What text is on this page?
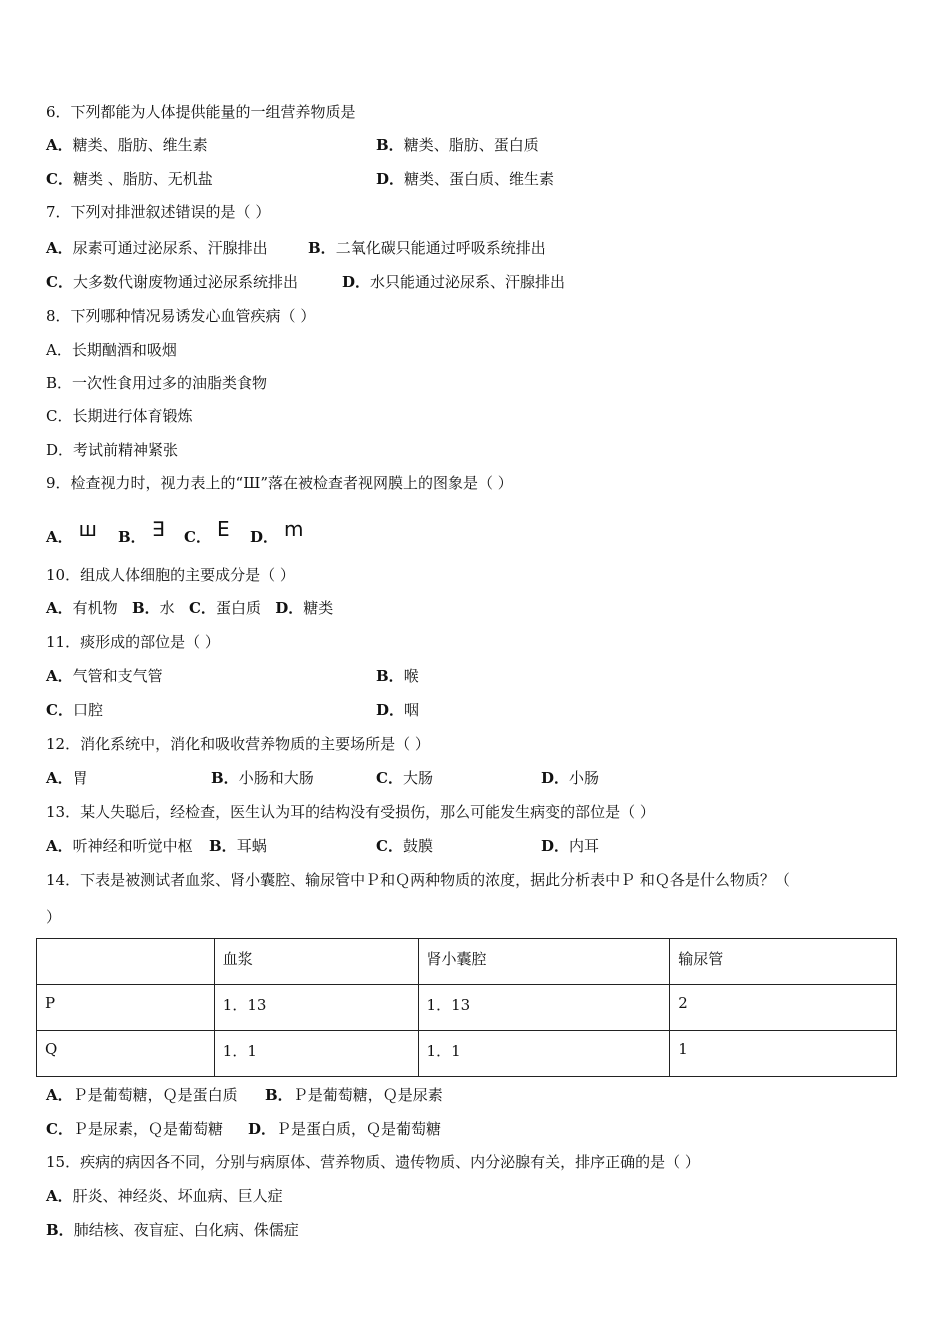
6．下列都能为人体提供能量的一组营养物质是
A．糖类、脂肪、维生素	B．糖类、脂肪、蛋白质
C．糖类 、脂肪、无机盐	D．糖类、蛋白质、维生素
7．下列对排泄叙述错误的是（ ）
A．尿素可通过泌尿系、汗腺排出	B．二氧化碳只能通过呼吸系统排出
C．大多数代谢废物通过泌尿系统排出	D．水只能通过泌尿系、汗腺排出
8．下列哪种情况易诱发心血管疾病（ ）
A．长期酗酒和吸烟
B．一次性食用过多的油脂类食物
C．长期进行体育锻炼
D．考试前精神紧张
9．检查视力时，视力表上的“Ш”落在被检查者视网膜上的图象是（ ）
A． ш B． ∃ C． E D． m
10．组成人体细胞的主要成分是（ ）
A．有机物 B．水 C．蛋白质 D．糖类
11．痰形成的部位是（ ）
A．气管和支气管	B．喉
C．口腔	D．咽
12．消化系统中，消化和吸收营养物质的主要场所是（ ）
A．胃	B．小肠和大肠	C．大肠	D．小肠
13．某人失聪后，经检查，医生认为耳的结构没有受损伤，那么可能发生病变的部位是（ ）
A．听神经和听觉中枢 B．耳蜗	C．鼓膜	D．内耳
14．下表是被测试者血浆、肾小囊腔、输尿管中Ｐ和Ｑ两种物质的浓度，据此分析表中Ｐ 和Ｑ各是什么物质？（
）
	血浆	肾小囊腔	输尿管
P	1．13	1．13	2
Q	1．1	1．1	1
A．Ｐ是葡萄糖，Ｑ是蛋白质 B．Ｐ是葡萄糖，Ｑ是尿素
C．Ｐ是尿素，Ｑ是葡萄糖 D．Ｐ是蛋白质，Ｑ是葡萄糖
15．疾病的病因各不同，分别与病原体、营养物质、遗传物质、内分泌腺有关，排序正确的是（ ）
A．肝炎、神经炎、坏血病、巨人症
B．肺结核、夜盲症、白化病、侏儒症
